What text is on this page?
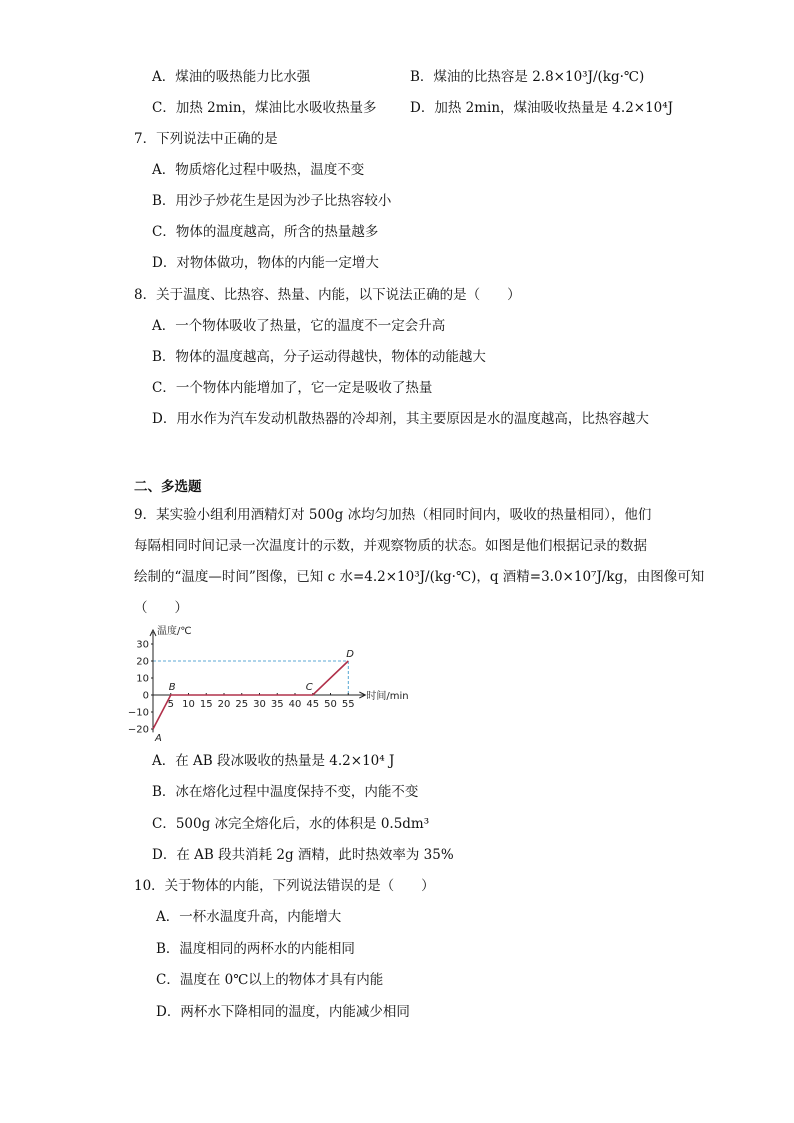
A．煤油的吸热能力比水强	B．煤油的比热容是 2.8×10³J/(kg·℃)
C．加热 2min，煤油比水吸收热量多 D．加热 2min，煤油吸收热量是 4.2×10⁴J
7．下列说法中正确的是
A．物质熔化过程中吸热，温度不变
B．用沙子炒花生是因为沙子比热容较小
C．物体的温度越高，所含的热量越多
D．对物体做功，物体的内能一定增大
8．关于温度、比热容、热量、内能，以下说法正确的是（　　）
A．一个物体吸收了热量，它的温度不一定会升高
B．物体的温度越高，分子运动得越快，物体的动能越大
C．一个物体内能增加了，它一定是吸收了热量
D．用水作为汽车发动机散热器的冷却剂，其主要原因是水的温度越高，比热容越大
二、多选题
9．某实验小组利用酒精灯对 500g 冰均匀加热（相同时间内，吸收的热量相同），他们
每隔相同时间记录一次温度计的示数，并观察物质的状态。如图是他们根据记录的数据
绘制的“温度—时间”图像，已知 c 水=4.2×10³J/(kg·℃)，q 酒精=3.0×10⁷J/kg，由图像可知
（　　）
30
20
10
0
−10
−20
5 10 15 20 25 30 35 40 45 50 55
温度/℃
时间/min
A
B	C
D
A．在 AB 段冰吸收的热量是 4.2×10⁴ J
B．冰在熔化过程中温度保持不变，内能不变
C．500g 冰完全熔化后，水的体积是 0.5dm³
D．在 AB 段共消耗 2g 酒精，此时热效率为 35%
10．关于物体的内能，下列说法错误的是（　　）
A．一杯水温度升高，内能增大
B．温度相同的两杯水的内能相同
C．温度在 0℃以上的物体才具有内能
D．两杯水下降相同的温度，内能减少相同
